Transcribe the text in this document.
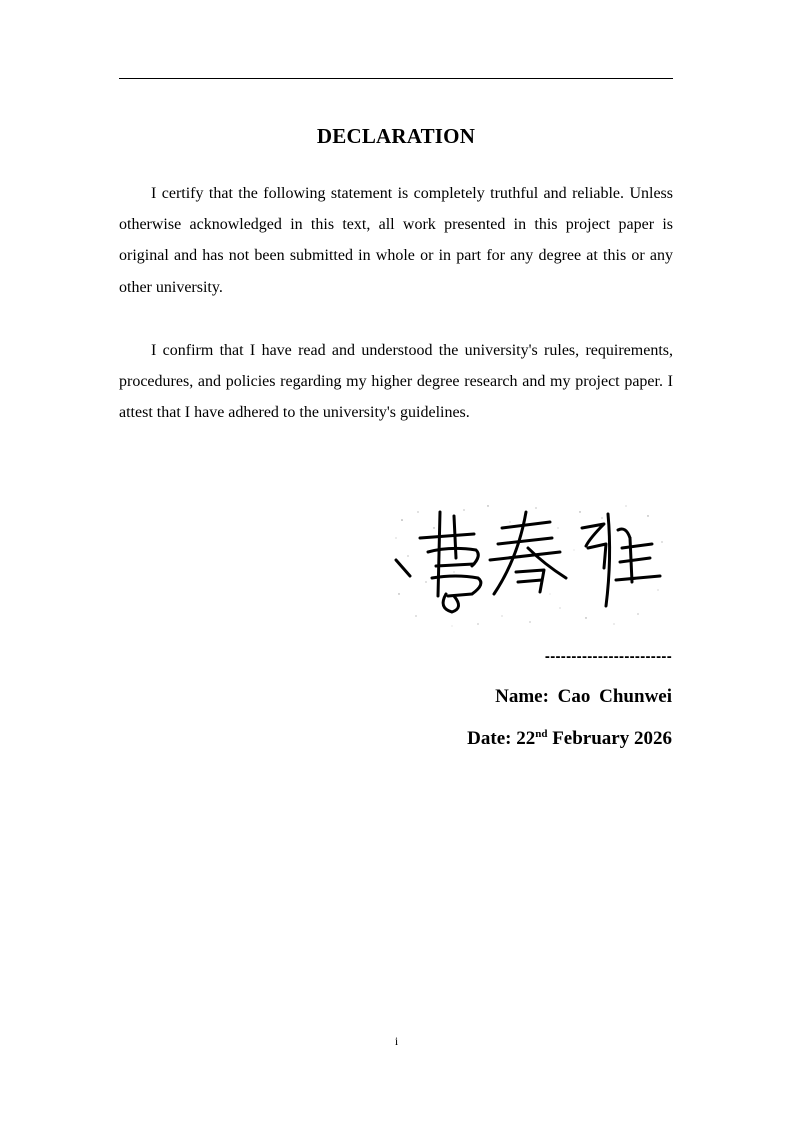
DECLARATION

I certify that the following statement is completely truthful and reliable. Unless otherwise acknowledged in this text, all work presented in this project paper is original and has not been submitted in whole or in part for any degree at this or any other university.

I confirm that I have read and understood the university's rules, requirements, procedures, and policies regarding my higher degree research and my project paper. I attest that I have adhered to the university's guidelines.

------------------------
Name: Cao Chunwei
Date: 22nd February 2026
i
